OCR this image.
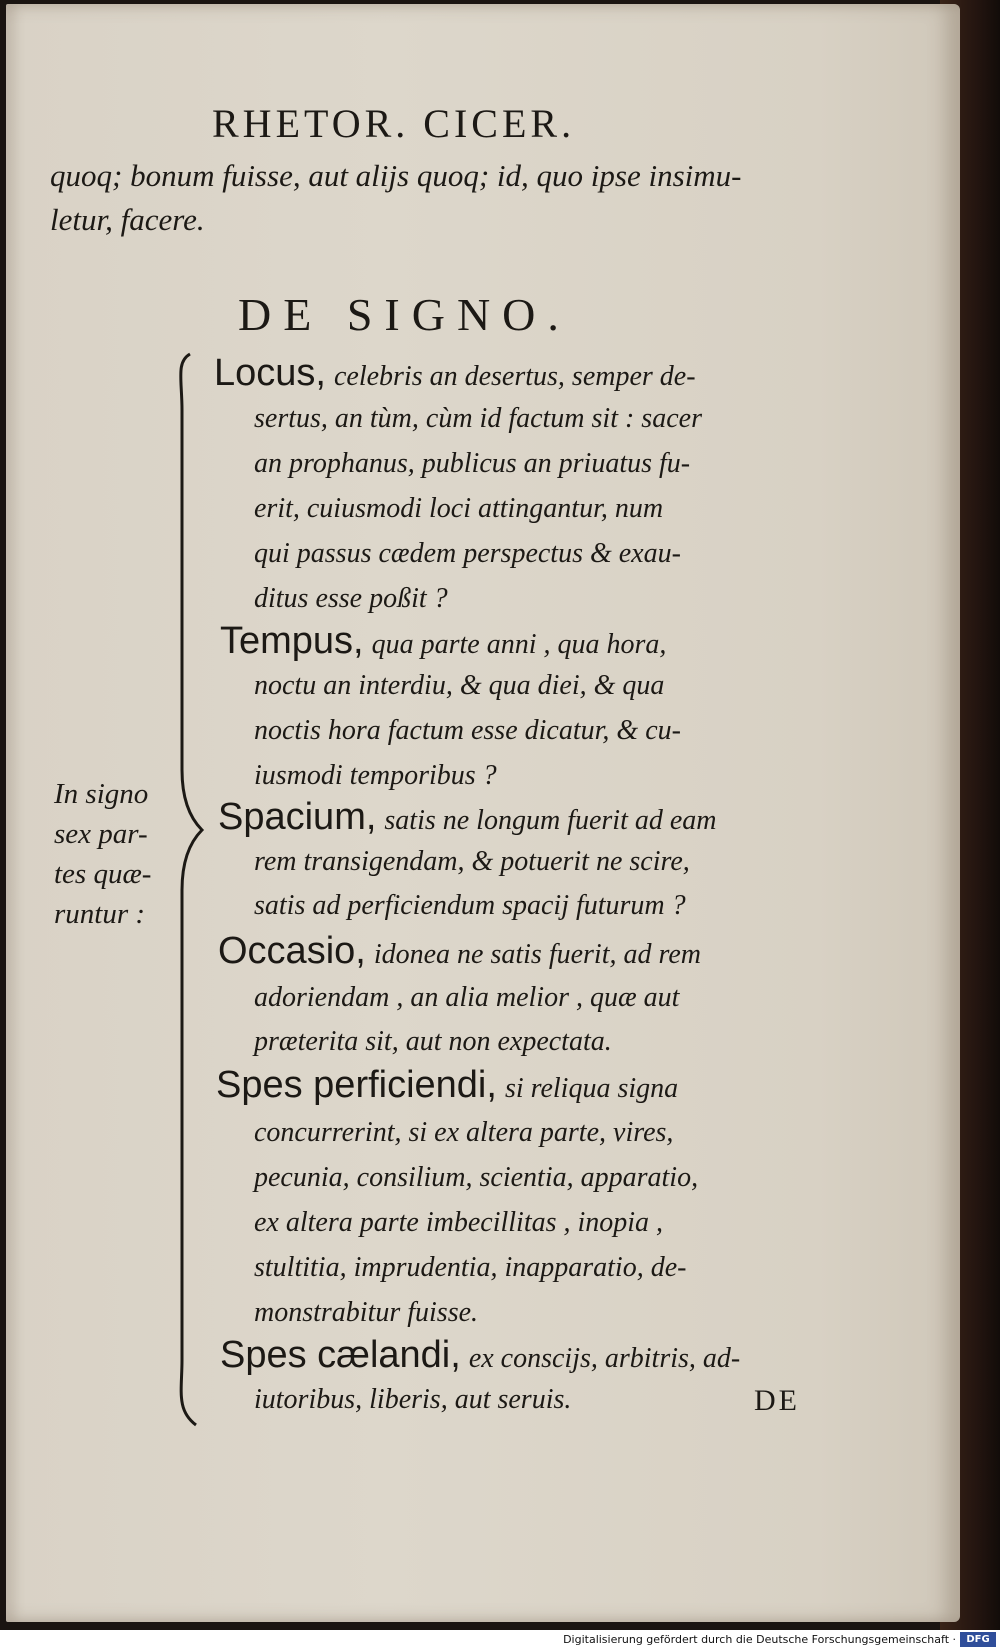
RHETOR. CICER.
quoq; bonum fuisse, aut alijs quoq; id, quo ipse insimu-
letur, facere.
DE SIGNO.
In signo
sex par-
tes quæ-
runtur :
Locus, celebris an desertus, semper de-
sertus, an tùm, cùm id factum sit : sacer
an prophanus, publicus an priuatus fu-
erit, cuiusmodi loci attingantur, num
qui passus cædem perspectus & exau-
ditus esse poßit ?
Tempus, qua parte anni , qua hora,
noctu an interdiu, & qua diei, & qua
noctis hora factum esse dicatur, & cu-
iusmodi temporibus ?
Spacium, satis ne longum fuerit ad eam
rem transigendam, & potuerit ne scire,
satis ad perficiendum spacij futurum ?
Occasio, idonea ne satis fuerit, ad rem
adoriendam , an alia melior , quæ aut
præterita sit, aut non expectata.
Spes perficiendi, si reliqua signa
concurrerint, si ex altera parte, vires,
pecunia, consilium, scientia, apparatio,
ex altera parte imbecillitas , inopia ,
stultitia, imprudentia, inapparatio, de-
monstrabitur fuisse.
Spes cælandi, ex conscijs, arbitris, ad-
iutoribus, liberis, aut seruis.	DE
Digitalisierung gefördert durch die Deutsche Forschungsgemeinschaft ·	DFG
